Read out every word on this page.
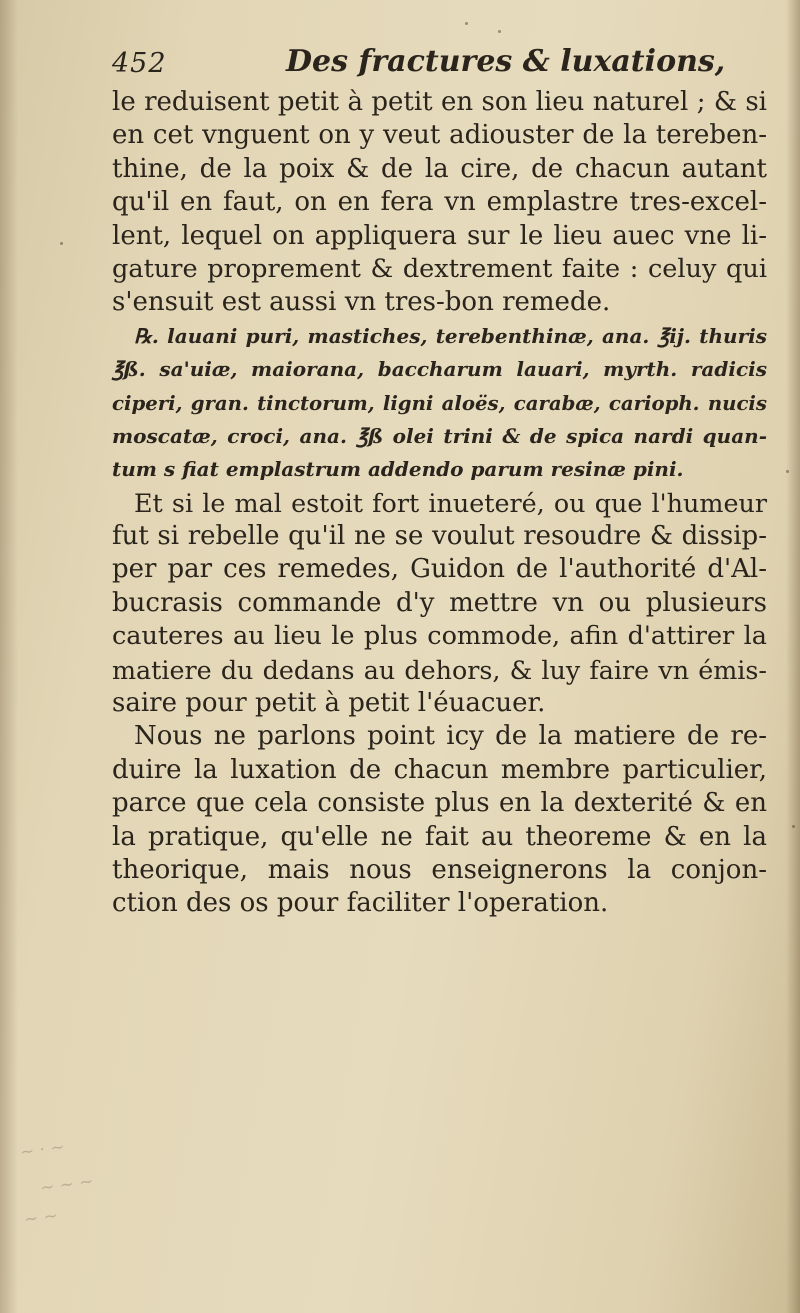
~ · ~
~ ~ ~
~ ~
452	Des fractures & luxations,
le reduisent petit à petit en son lieu naturel ; & si
en cet vnguent on y veut adiouster de la tereben-
thine, de la poix & de la cire, de chacun autant
qu'il en faut, on en fera vn emplastre tres-excel-
lent, lequel on appliquera sur le lieu auec vne li-
gature proprement & dextrement faite : celuy qui
s'ensuit est aussi vn tres-bon remede.
℞. lauani puri, mastiches, terebenthinæ, ana. ℥ij. thuris
℥ß. sa'uiæ, maiorana, baccharum lauari, myrth. radicis
ciperi, gran. tinctorum, ligni aloës, carabæ, carioph. nucis
moscatæ, croci, ana. ℥ß olei trini & de spica nardi quan-
tum s fiat emplastrum addendo parum resinæ pini.
Et si le mal estoit fort inueteré, ou que l'humeur
fut si rebelle qu'il ne se voulut resoudre & dissip-
per par ces remedes, Guidon de l'authorité d'Al-
bucrasis commande d'y mettre vn ou plusieurs
cauteres au lieu le plus commode, afin d'attirer la
matiere du dedans au dehors, & luy faire vn émis-
saire pour petit à petit l'éuacuer.
Nous ne parlons point icy de la matiere de re-
duire la luxation de chacun membre particulier,
parce que cela consiste plus en la dexterité & en
la pratique, qu'elle ne fait au theoreme & en la
theorique, mais nous enseignerons la conjon-
ction des os pour faciliter l'operation.
